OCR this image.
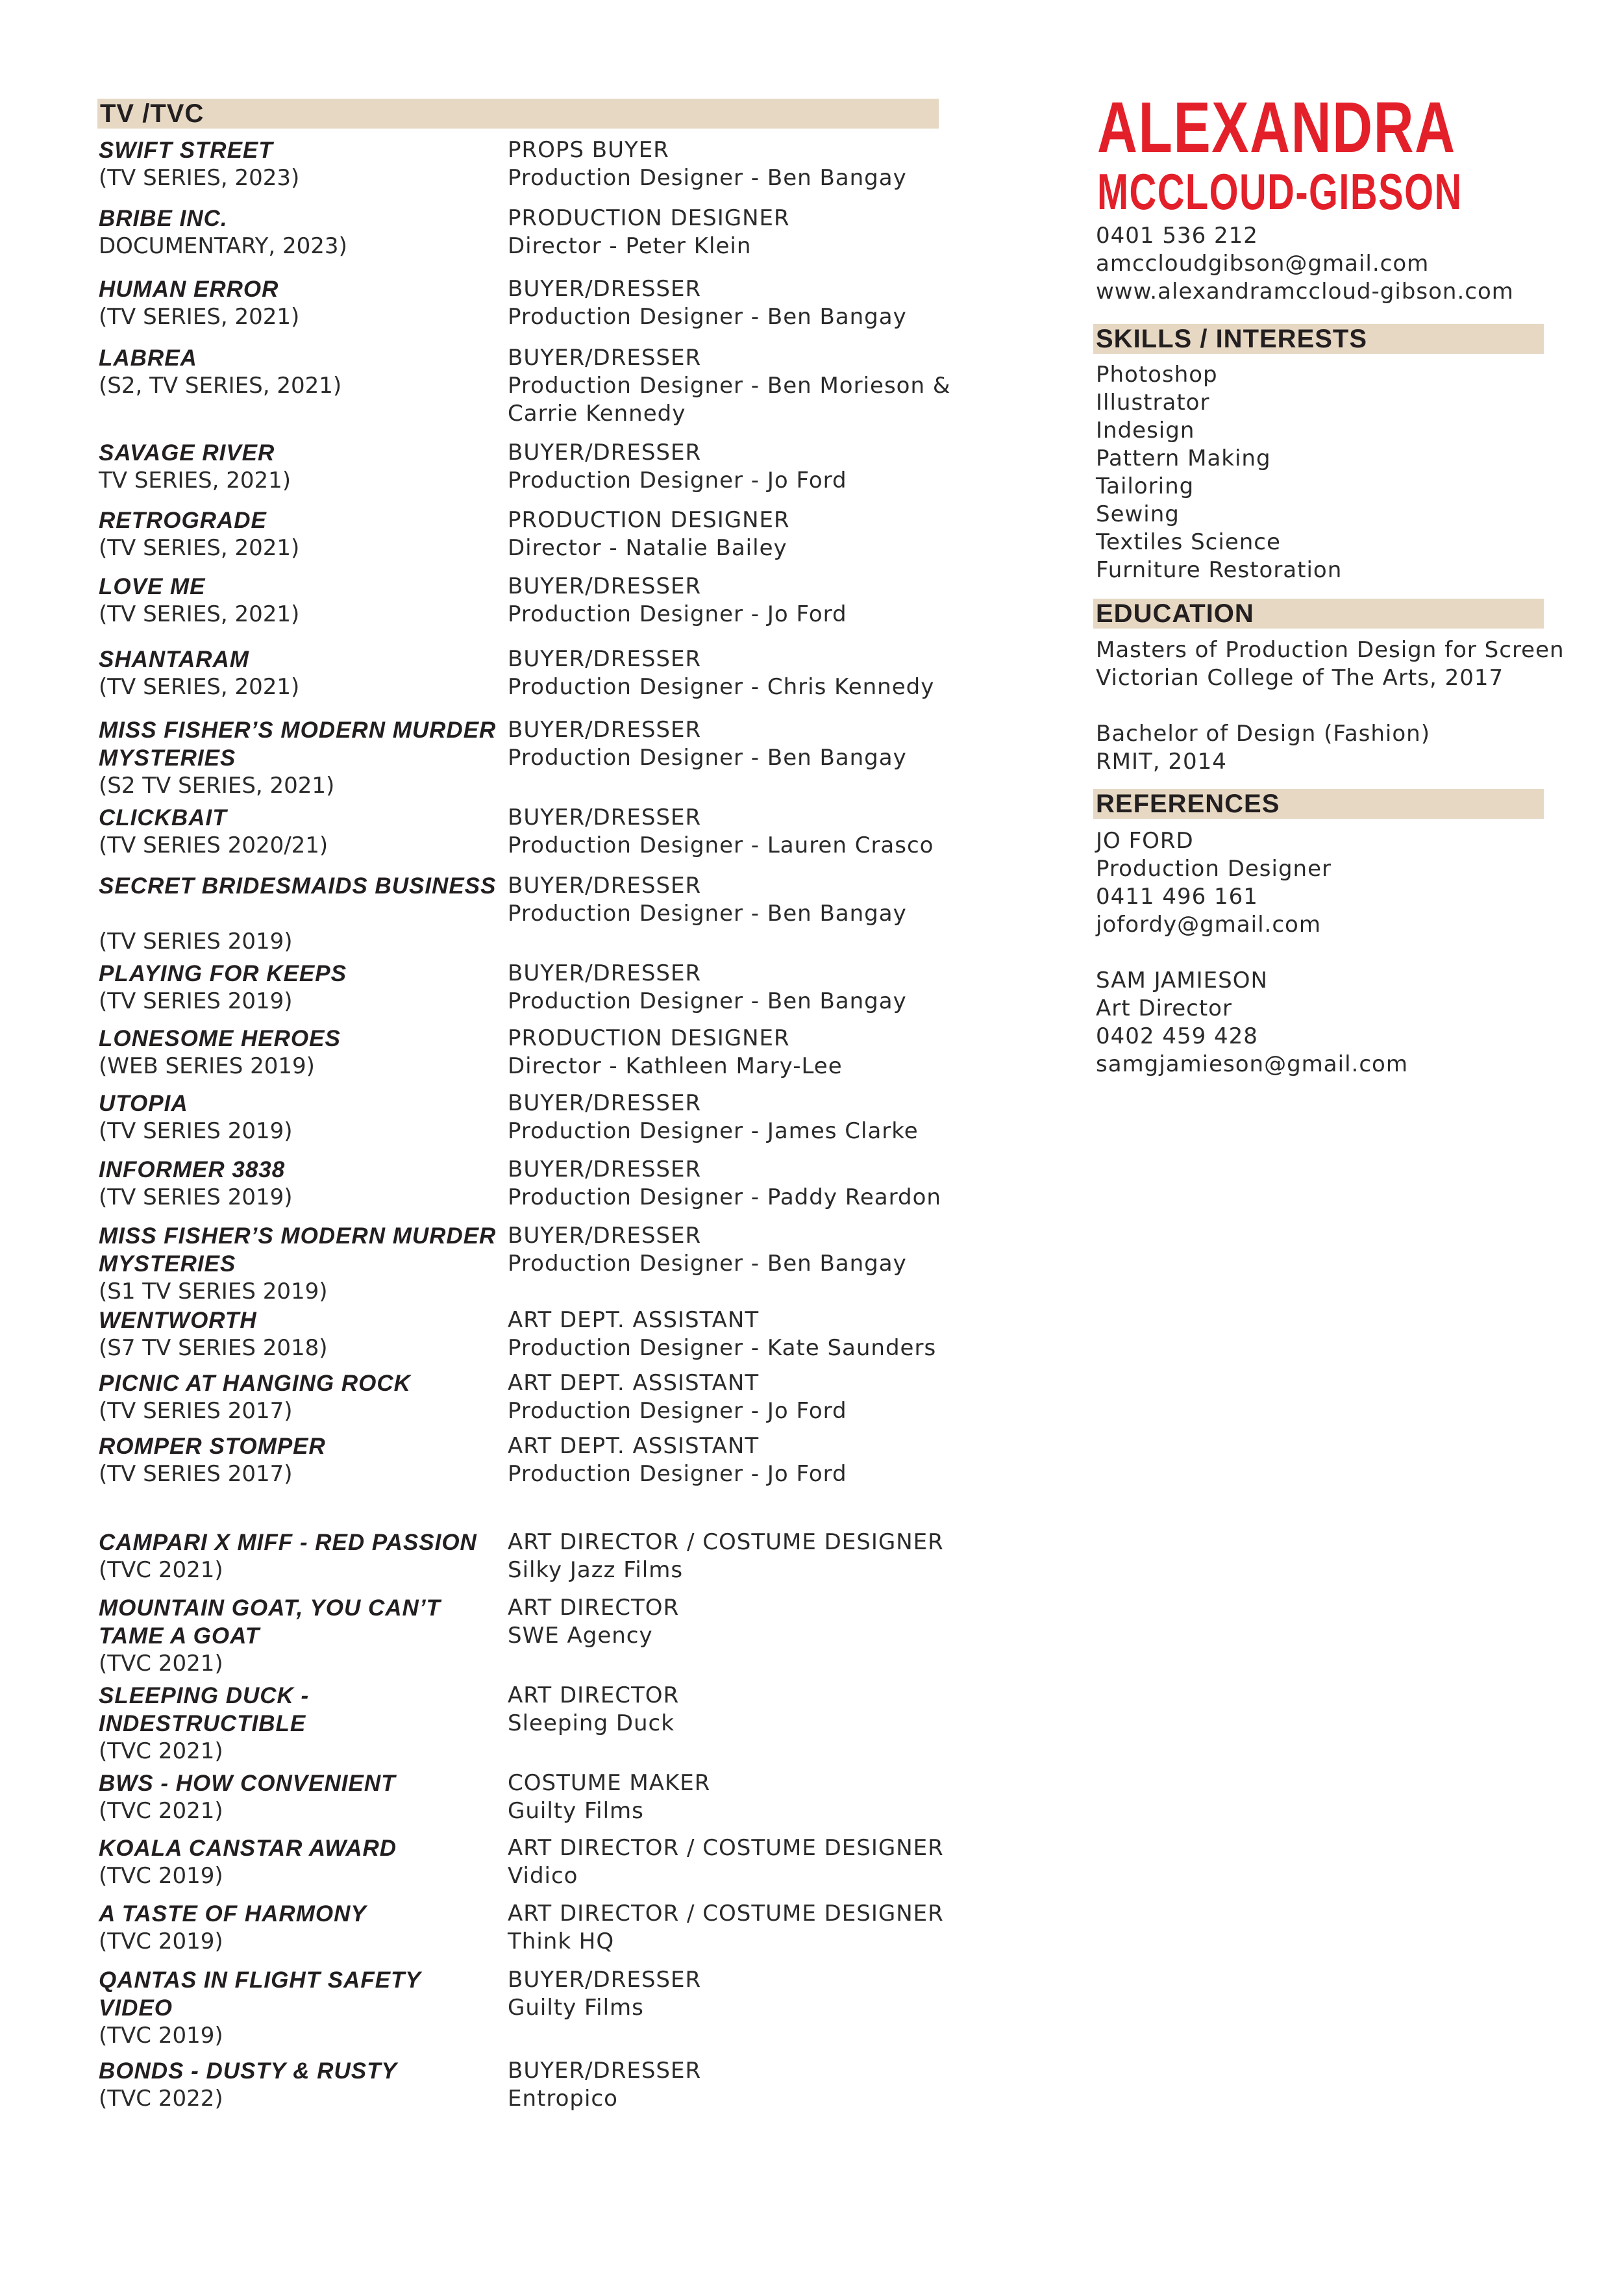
TV /TVC
SWIFT STREET
(TV SERIES, 2023)
PROPS BUYER
Production Designer - Ben Bangay
BRIBE INC.
DOCUMENTARY, 2023)
PRODUCTION DESIGNER
Director - Peter Klein
HUMAN ERROR
(TV SERIES, 2021)
BUYER/DRESSER
Production Designer - Ben Bangay
LABREA
(S2, TV SERIES, 2021)
BUYER/DRESSER
Production Designer - Ben Morieson & Carrie Kennedy
SAVAGE RIVER
TV SERIES, 2021)
BUYER/DRESSER
Production Designer - Jo Ford
RETROGRADE
(TV SERIES, 2021)
PRODUCTION DESIGNER
Director - Natalie Bailey
LOVE ME
(TV SERIES, 2021)
BUYER/DRESSER
Production Designer - Jo Ford
SHANTARAM
(TV SERIES, 2021)
BUYER/DRESSER
Production Designer - Chris Kennedy
MISS FISHER’S MODERN MURDER MYSTERIES
(S2 TV SERIES, 2021)
BUYER/DRESSER
Production Designer - Ben Bangay
CLICKBAIT
(TV SERIES 2020/21)
BUYER/DRESSER
Production Designer - Lauren Crasco
SECRET BRIDESMAIDS BUSINESS
(TV SERIES 2019)
BUYER/DRESSER
Production Designer - Ben Bangay
PLAYING FOR KEEPS
(TV SERIES 2019)
BUYER/DRESSER
Production Designer - Ben Bangay
LONESOME HEROES
(WEB SERIES 2019)
PRODUCTION DESIGNER
Director - Kathleen Mary-Lee
UTOPIA
(TV SERIES 2019)
BUYER/DRESSER
Production Designer - James Clarke
INFORMER 3838
(TV SERIES 2019)
BUYER/DRESSER
Production Designer - Paddy Reardon
MISS FISHER’S MODERN MURDER MYSTERIES
(S1 TV SERIES 2019)
BUYER/DRESSER
Production Designer - Ben Bangay
WENTWORTH
(S7 TV SERIES 2018)
ART DEPT. ASSISTANT
Production Designer - Kate Saunders
PICNIC AT HANGING ROCK
(TV SERIES 2017)
ART DEPT. ASSISTANT
Production Designer - Jo Ford
ROMPER STOMPER
(TV SERIES 2017)
ART DEPT. ASSISTANT
Production Designer - Jo Ford
CAMPARI X MIFF - RED PASSION
(TVC 2021)
ART DIRECTOR / COSTUME DESIGNER
Silky Jazz Films
MOUNTAIN GOAT, YOU CAN’T TAME A GOAT
(TVC 2021)
ART DIRECTOR
SWE Agency
SLEEPING DUCK - INDESTRUCTIBLE
(TVC 2021)
ART DIRECTOR
Sleeping Duck
BWS - HOW CONVENIENT
(TVC 2021)
COSTUME MAKER
Guilty Films
KOALA CANSTAR AWARD
(TVC 2019)
ART DIRECTOR / COSTUME DESIGNER
Vidico
A TASTE OF HARMONY
(TVC 2019)
ART DIRECTOR / COSTUME DESIGNER
Think HQ
QANTAS IN FLIGHT SAFETY VIDEO
(TVC 2019)
BUYER/DRESSER
Guilty Films
BONDS - DUSTY & RUSTY
(TVC 2022)
BUYER/DRESSER
Entropico
ALEXANDRA
MCCLOUD-GIBSON
0401 536 212
amccloudgibson@gmail.com
www.alexandramccloud-gibson.com
SKILLS / INTERESTS
Photoshop
Illustrator
Indesign
Pattern Making
Tailoring
Sewing
Textiles Science
Furniture Restoration
EDUCATION
Masters of Production Design for Screen
Victorian College of The Arts, 2017
Bachelor of Design (Fashion)
RMIT, 2014
REFERENCES
JO FORD
Production Designer
0411 496 161
jofordy@gmail.com
SAM JAMIESON
Art Director
0402 459 428
samgjamieson@gmail.com
